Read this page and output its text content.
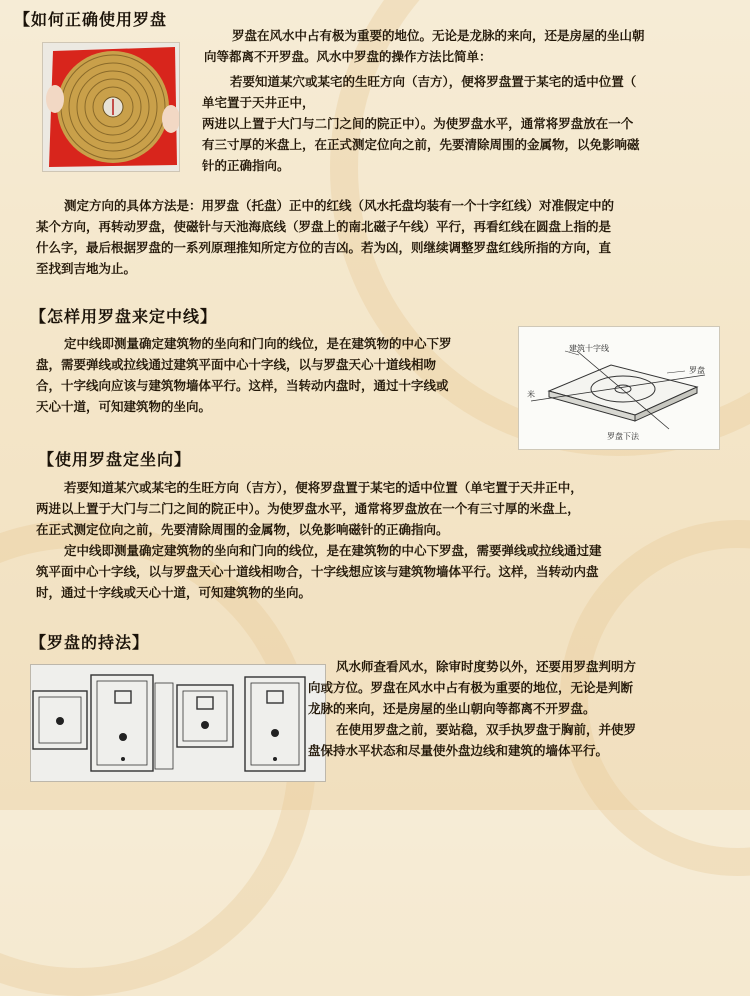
【如何正确使用罗盘
罗盘在风水中占有极为重要的地位。无论是龙脉的来向，还是房屋的坐山朝
向等都离不开罗盘。风水中罗盘的操作方法比简单：
若要知道某穴或某宅的生旺方向（吉方），便将罗盘置于某宅的适中位置（
单宅置于天井正中，
两进以上置于大门与二门之间的院正中）。为使罗盘水平，通常将罗盘放在一个
有三寸厚的米盘上，在正式测定位向之前，先要清除周围的金属物，以免影响磁
针的正确指向。
测定方向的具体方法是：用罗盘（托盘）正中的红线（风水托盘均装有一个十字红线）对准假定中的
某个方向，再转动罗盘，使磁针与天池海底线（罗盘上的南北磁子午线）平行，再看红线在圆盘上指的是
什么字，最后根据罗盘的一系列原理推知所定方位的吉凶。若为凶，则继续调整罗盘红线所指的方向，直
至找到吉地为止。
【怎样用罗盘来定中线】
定中线即测量确定建筑物的坐向和门向的线位，是在建筑物的中心下罗
盘，需要弹线或拉线通过建筑平面中心十字线，以与罗盘天心十道线相吻
合，十字线向应该与建筑物墙体平行。这样，当转动内盘时，通过十字线或
天心十道，可知建筑物的坐向。
建筑十字线
罗盘
米
罗盘下法
【使用罗盘定坐向】
若要知道某穴或某宅的生旺方向（吉方），便将罗盘置于某宅的适中位置（单宅置于天井正中，
两进以上置于大门与二门之间的院正中）。为使罗盘水平，通常将罗盘放在一个有三寸厚的米盘上，
在正式测定位向之前，先要清除周围的金属物，以免影响磁针的正确指向。
定中线即测量确定建筑物的坐向和门向的线位，是在建筑物的中心下罗盘，需要弹线或拉线通过建
筑平面中心十字线，以与罗盘天心十道线相吻合，十字线想应该与建筑物墙体平行。这样，当转动内盘
时，通过十字线或天心十道，可知建筑物的坐向。
【罗盘的持法】
风水师查看风水，除审时度势以外，还要用罗盘判明方
向或方位。罗盘在风水中占有极为重要的地位，无论是判断
龙脉的来向，还是房屋的坐山朝向等都离不开罗盘。
在使用罗盘之前，要站稳，双手执罗盘于胸前，并使罗
盘保持水平状态和尽量使外盘边线和建筑的墙体平行。
